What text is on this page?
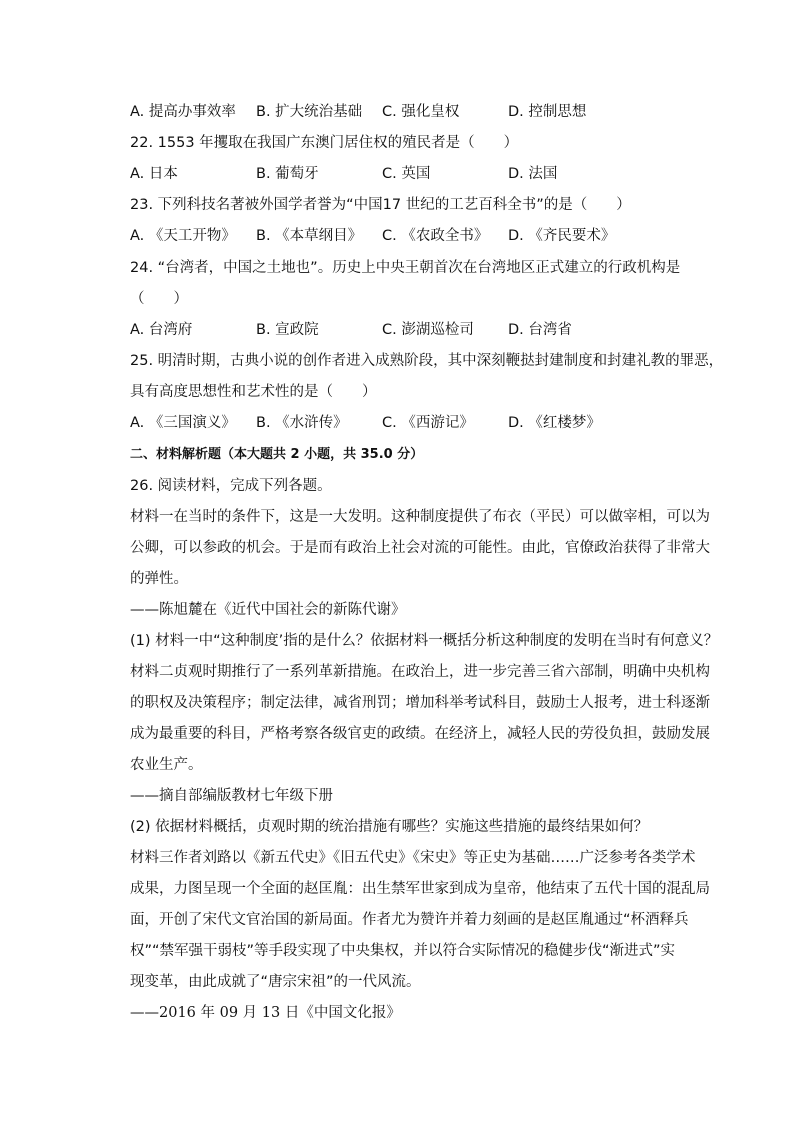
A. 提高办事效率 B. 扩大统治基础 C. 强化皇权	D. 控制思想
22. 1553 年攫取在我国广东澳门居住权的殖民者是（　　）
A. 日本	B. 葡萄牙	C. 英国	D. 法国
23. 下列科技名著被外国学者誉为“中国17 世纪的工艺百科全书”的是（　　）
A. 《天工开物》 B. 《本草纲目》 C. 《农政全书》 D. 《齐民要术》
24. “台湾者，中国之土地也”。历史上中央王朝首次在台湾地区正式建立的行政机构是
（　　）
A. 台湾府	B. 宣政院	C. 澎湖巡检司 D. 台湾省
25. 明清时期，古典小说的创作者进入成熟阶段，其中深刻鞭挞封建制度和封建礼教的罪恶，
具有高度思想性和艺术性的是（　　）
A. 《三国演义》 B. 《水浒传》 C. 《西游记》 D. 《红楼梦》
二、材料解析题（本大题共 2 小题，共 35.0 分）
26. 阅读材料，完成下列各题。
材料一在当时的条件下，这是一大发明。这种制度提供了布衣（平民）可以做宰相，可以为
公卿，可以参政的机会。于是而有政治上社会对流的可能性。由此，官僚政治获得了非常大
的弹性。
——陈旭麓在《近代中国社会的新陈代谢》
(1) 材料一中“这种制度’指的是什么？依据材料一概括分析这种制度的发明在当时有何意义？
材料二贞观时期推行了一系列革新措施。在政治上，进一步完善三省六部制，明确中央机构
的职权及决策程序；制定法律，减省刑罚；增加科举考试科目，鼓励士人报考，进士科逐渐
成为最重要的科目，严格考察各级官吏的政绩。在经济上，减轻人民的劳役负担，鼓励发展
农业生产。
——摘自部编版教材七年级下册
(2) 依据材料概括，贞观时期的统治措施有哪些？实施这些措施的最终结果如何？
材料三作者刘路以《新五代史》《旧五代史》《宋史》等正史为基础……广泛参考各类学术
成果，力图呈现一个全面的赵匡胤：出生禁军世家到成为皇帝，他结束了五代十国的混乱局
面，开创了宋代文官治国的新局面。作者尤为赞许并着力刻画的是赵匡胤通过“杯酒释兵
权”“禁军强干弱枝”等手段实现了中央集权，并以符合实际情况的稳健步伐“渐进式”实
现变革，由此成就了“唐宗宋祖”的一代风流。
——2016 年 09 月 13 日《中国文化报》
